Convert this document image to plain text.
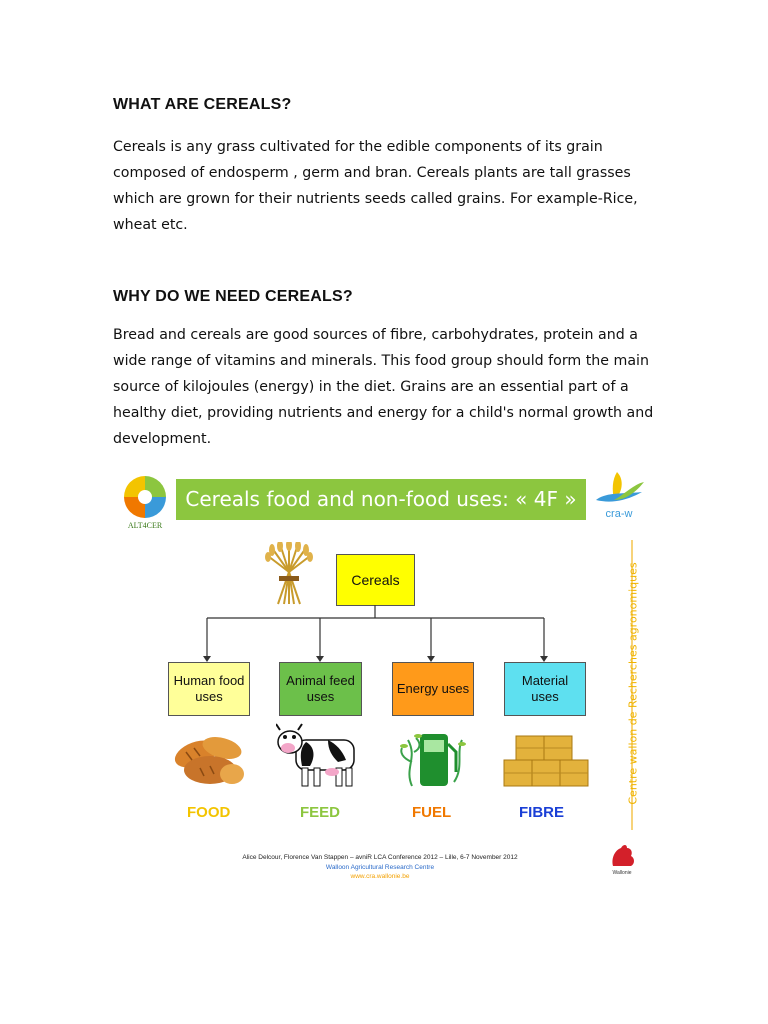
WHAT ARE CEREALS?

Cereals is any grass cultivated for the edible components of its grain
composed of endosperm , germ and bran. Cereals plants are tall grasses
which are grown for their nutrients seeds called grains. For example-Rice,
wheat etc.

WHY DO WE NEED CEREALS?

Bread and cereals are good sources of fibre, carbohydrates, protein and a
wide range of vitamins and minerals. This food group should form the main
source of kilojoules (energy) in the diet. Grains are an essential part of a
healthy diet, providing nutrients and energy for a child's normal growth and
development.

ALT4CER
Cereals food and non-food uses: « 4F »
cra-w
Centre wallon de Recherches agronomiques
Cereals
Human food
uses
Animal feed
uses
Energy uses
Material
uses
FOOD	FEED	FUEL	FIBRE
Alice Delcour, Florence Van Stappen – avniR LCA Conference 2012 – Lille, 6-7 November 2012
Walloon Agricultural Research Centre
www.cra.wallonie.be	Wallonie
